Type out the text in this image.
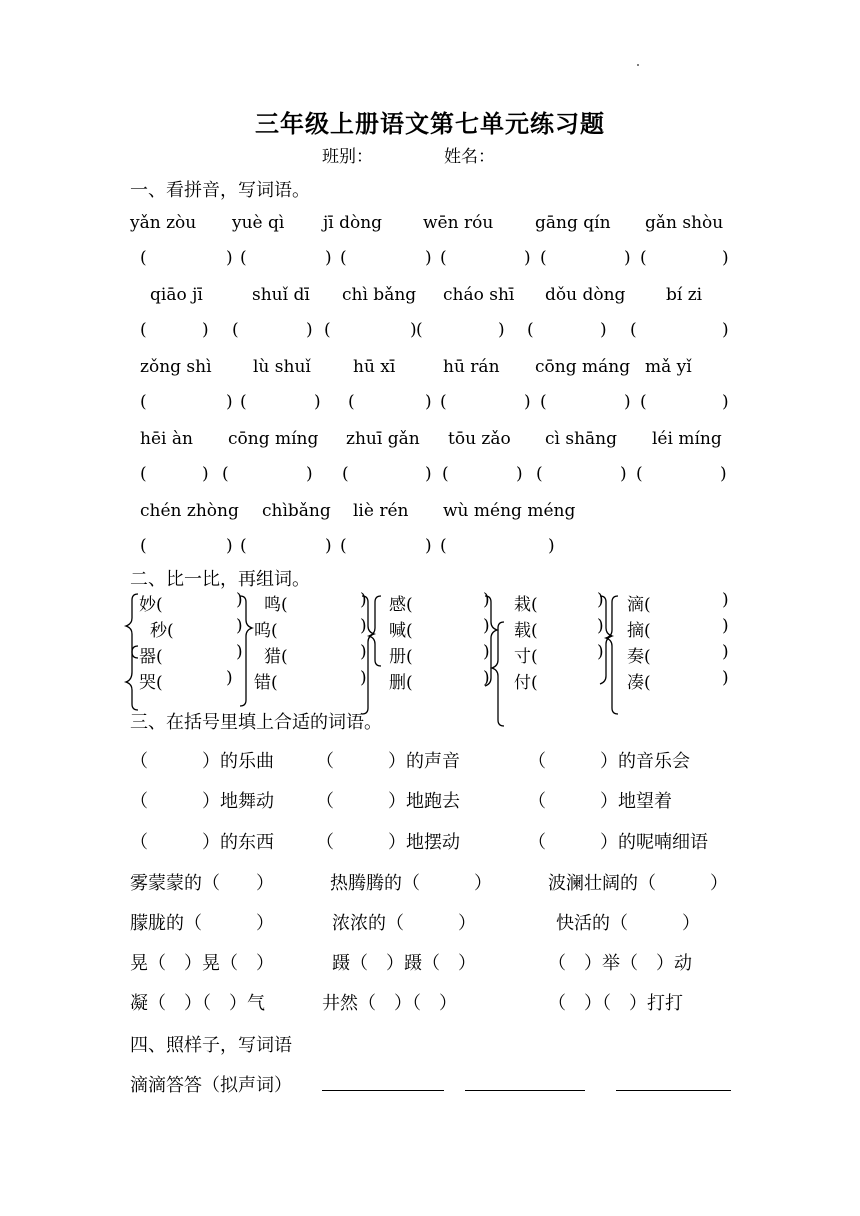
三年级上册语文第七单元练习题
班别：	姓名：
一、看拼音，写词语。
yǎn zòu yuè qì jī dòng wēn róu gāng qín gǎn shòu
(	) (	) (	) (	) (	) (	)
qiāo jī	shuǐ dī chì bǎng cháo shī dǒu dòng bí zi
(	) (	) (	) (	) (	) (	)
zǒng shì lù shuǐ hū xī	hū rán cōng máng mǎ yǐ
(	) (	) (	) (	) (	) (	)
hēi àn cōng míng zhuī gǎn tōu zǎo cì shāng léi míng
(	) (	) (	) (	) (	) (	)
chén zhòng chìbǎng liè rén wù méng méng
(	) (	) (	) (	)
二、比一比，再组词。
妙(	)
秒(	)
器(	)
哭(	)
鸣(	)
呜(	)
猎(	)
错(	)
感(	)
喊(	)
册(	)
删(	)
栽(	)
载(	)
寸(	)
付(
滴(	)
摘(	)
奏(	)
凑(	)
三、在括号里填上合适的词语。
（　　　）的乐曲 （　　　）的声音	（　　　）的音乐会
（　　　）地舞动 （　　　）地跑去	（　　　）地望着
（　　　）的东西 （　　　）地摆动	（　　　）的呢喃细语
雾蒙蒙的（　　）	热腾腾的（　　　）	波澜壮阔的（　　　）
朦胧的（　　　）	浓浓的（　　　）	快活的（　　　）
晃（　）晃（　）	蹑（　）蹑（　）	（　）举（　）动
凝（　）（　）气	井然（　）（　）	（　）（　）打打
四、照样子，写词语
滴滴答答（拟声词）
